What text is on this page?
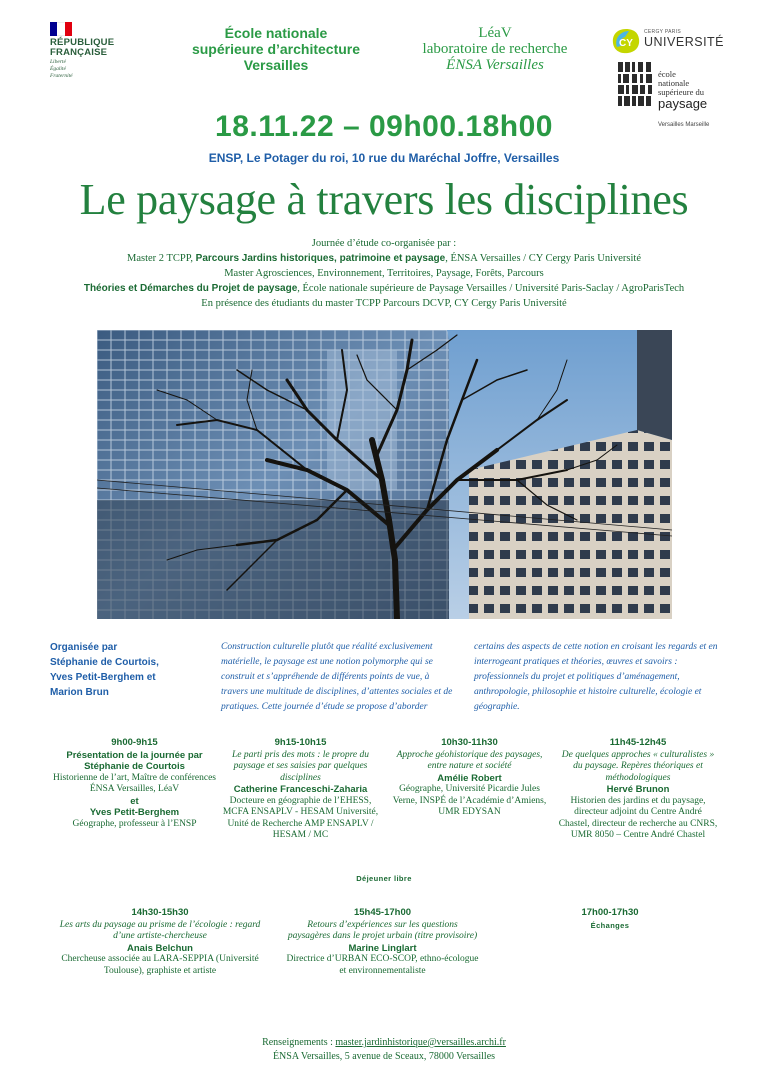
RÉPUBLIQUE
FRANÇAISE
Liberté
Égalité
Fraternité
École nationale
supérieure d’architecture
Versailles
LéaV
laboratoire de recherche
ÉNSA Versailles
CY
CERGY PARIS
UNIVERSITÉ
école
nationale
supérieure du
paysage
Versailles Marseille
18.11.22 – 09h00.18h00
ENSP, Le Potager du roi, 10 rue du Maréchal Joffre, Versailles
Le paysage à travers les disciplines
Journée d’étude co-organisée par :
Master 2 TCPP, Parcours Jardins historiques, patrimoine et paysage, ÉNSA Versailles / CY Cergy Paris Université
Master Agrosciences, Environnement, Territoires, Paysage, Forêts, Parcours
Théories et Démarches du Projet de paysage, École nationale supérieure de Paysage Versailles / Université Paris-Saclay / AgroParisTech
En présence des étudiants du master TCPP Parcours DCVP, CY Cergy Paris Université
Organisée par
Stéphanie de Courtois,
Yves Petit-Berghem et
Marion Brun
Construction culturelle plutôt que réalité exclusivement matérielle, le paysage est une notion polymorphe qui se construit et s’appréhende de différents points de vue, à travers une multitude de disciplines, d’attentes sociales et de pratiques. Cette journée d’étude se propose d’aborder
certains des aspects de cette notion en croisant les regards et en interrogeant pratiques et théories, œuvres et savoirs : professionnels du projet et politiques d’aménagement, anthropologie, philosophie et histoire culturelle, écologie et géographie.
9h00-9h15
Présentation de la journée par
Stéphanie de Courtois
Historienne de l’art, Maître de conférences ÉNSA Versailles, LéaV
et
Yves Petit-Berghem
Géographe, professeur à l’ENSP
9h15-10h15
Le parti pris des mots : le propre du paysage et ses saisies par quelques disciplines
Catherine Franceschi-Zaharia
Docteure en géographie de l’EHESS, MCFA ENSAPLV - HESAM Université, Unité de Recherche AMP ENSAPLV / HESAM / MC
10h30-11h30
Approche géohistorique des paysages, entre nature et société
Amélie Robert
Géographe, Université Picardie Jules Verne, INSPÉ de l’Académie d’Amiens, UMR EDYSAN
11h45-12h45
De quelques approches « culturalistes » du paysage. Repères théoriques et méthodologiques
Hervé Brunon
Historien des jardins et du paysage, directeur adjoint du Centre André Chastel, directeur de recherche au CNRS, UMR 8050 – Centre André Chastel
Déjeuner libre
14h30-15h30
Les arts du paysage au prisme de l’écologie : regard d’une artiste-chercheuse
Anais Belchun
Chercheuse associée au LARA-SEPPIA (Université Toulouse), graphiste et artiste
15h45-17h00
Retours d’expériences sur les questions paysagères dans le projet urbain (titre provisoire)
Marine Linglart
Directrice d’URBAN ECO-SCOP, ethno-écologue et environnementaliste
17h00-17h30
Échanges
Renseignements : master.jardinhistorique@versailles.archi.fr
ÉNSA Versailles, 5 avenue de Sceaux, 78000 Versailles
